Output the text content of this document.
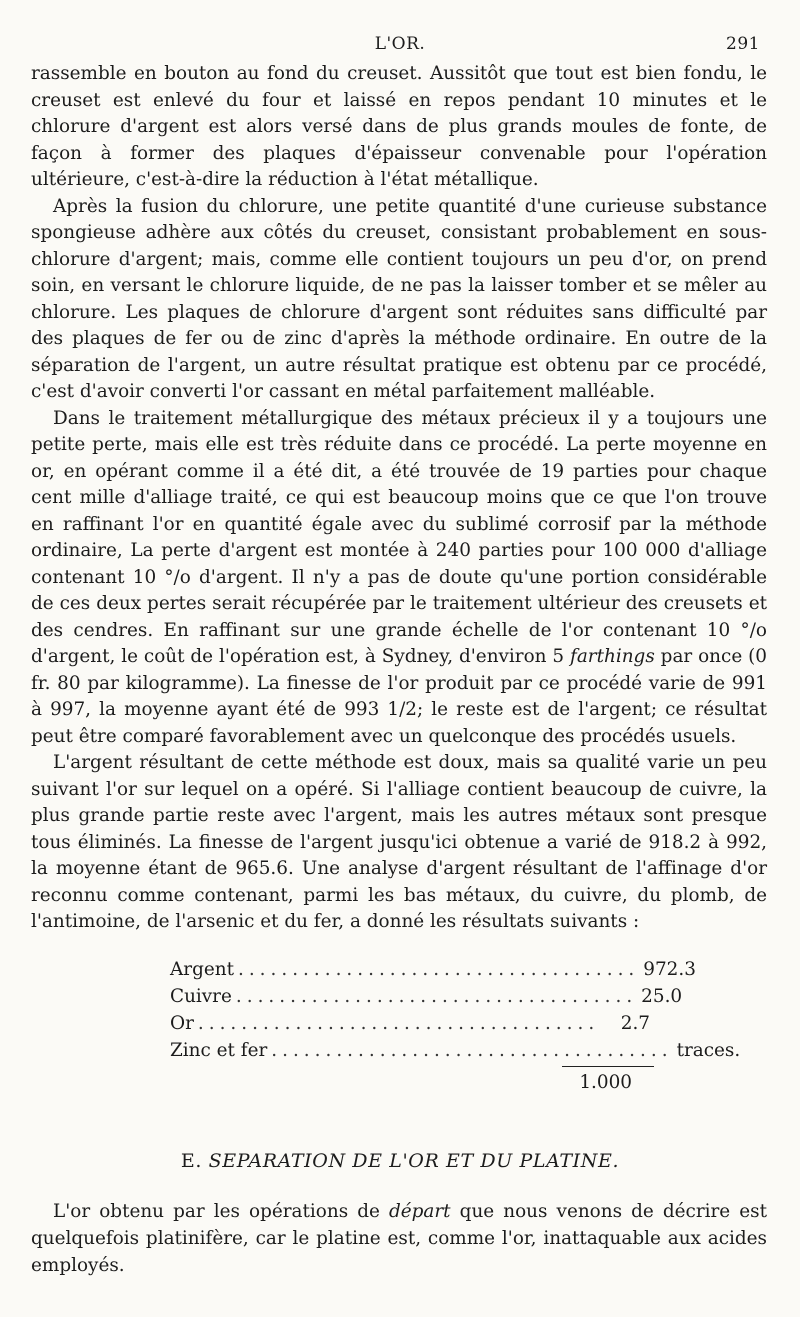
L'OR.	291

rassemble en bouton au fond du creuset. Aussitôt que tout est bien fondu, le creuset est enlevé du four et laissé en repos pendant 10 minutes et le chlorure d'argent est alors versé dans de plus grands moules de fonte, de façon à former des plaques d'épaisseur convenable pour l'opération ultérieure, c'est-à-dire la réduction à l'état métallique.

Après la fusion du chlorure, une petite quantité d'une curieuse substance spongieuse adhère aux côtés du creuset, consistant probablement en sous-chlorure d'argent; mais, comme elle contient toujours un peu d'or, on prend soin, en versant le chlorure liquide, de ne pas la laisser tomber et se mêler au chlorure. Les plaques de chlorure d'argent sont réduites sans difficulté par des plaques de fer ou de zinc d'après la méthode ordinaire. En outre de la séparation de l'argent, un autre résultat pratique est obtenu par ce procédé, c'est d'avoir converti l'or cassant en métal parfaitement malléable.

Dans le traitement métallurgique des métaux précieux il y a toujours une petite perte, mais elle est très réduite dans ce procédé. La perte moyenne en or, en opérant comme il a été dit, a été trouvée de 19 parties pour chaque cent mille d'alliage traité, ce qui est beaucoup moins que ce que l'on trouve en raffinant l'or en quantité égale avec du sublimé corrosif par la méthode ordinaire, La perte d'argent est montée à 240 parties pour 100 000 d'alliage contenant 10 °/o d'argent. Il n'y a pas de doute qu'une portion considérable de ces deux pertes serait récupérée par le traitement ultérieur des creusets et des cendres. En raffinant sur une grande échelle de l'or contenant 10 °/o d'argent, le coût de l'opération est, à Sydney, d'environ 5 farthings par once (0 fr. 80 par kilogramme). La finesse de l'or produit par ce procédé varie de 991 à 997, la moyenne ayant été de 993 1/2; le reste est de l'argent; ce résultat peut être comparé favorablement avec un quelconque des procédés usuels.

L'argent résultant de cette méthode est doux, mais sa qualité varie un peu suivant l'or sur lequel on a opéré. Si l'alliage contient beaucoup de cuivre, la plus grande partie reste avec l'argent, mais les autres métaux sont presque tous éliminés. La finesse de l'argent jusqu'ici obtenue a varié de 918.2 à 992, la moyenne étant de 965.6. Une analyse d'argent résultant de l'affinage d'or reconnu comme contenant, parmi les bas métaux, du cuivre, du plomb, de l'antimoine, de l'arsenic et du fer, a donné les résultats suivants :

Argent ..................................... 972.3
Cuivre ..................................... 25.0
Or .....................................	2.7
Zinc et fer ..................................... traces.
1.000
E. SEPARATION DE L'OR ET DU PLATINE.

L'or obtenu par les opérations de départ que nous venons de décrire est quelquefois platinifère, car le platine est, comme l'or, inattaquable aux acides employés.
